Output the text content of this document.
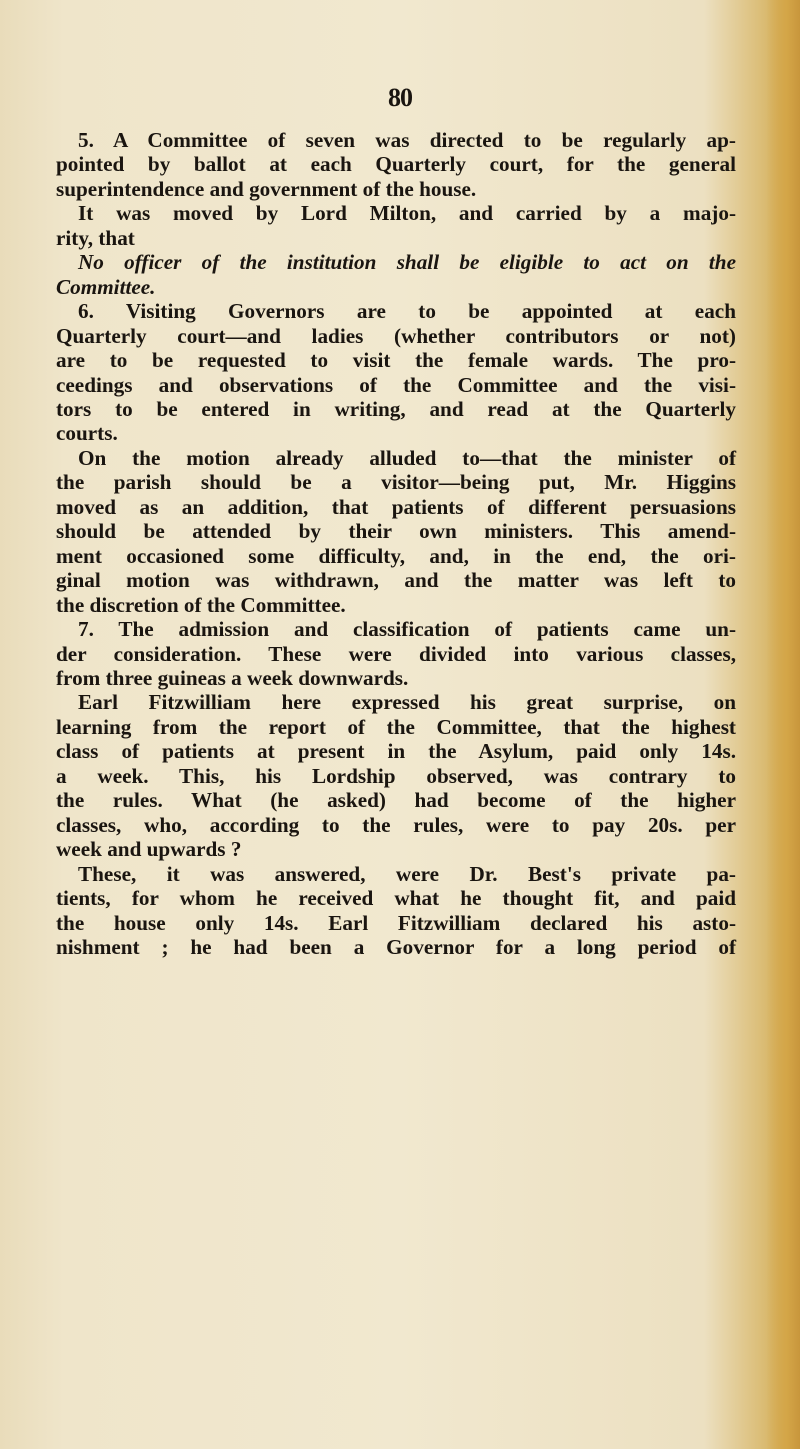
80
5. A Committee of seven was directed to be regularly ap-
pointed by ballot at each Quarterly court, for the general
superintendence and government of the house.
It was moved by Lord Milton, and carried by a majo-
rity, that
No officer of the institution shall be eligible to act on the
Committee.
6. Visiting Governors are to be appointed at each
Quarterly court—and ladies (whether contributors or not)
are to be requested to visit the female wards. The pro-
ceedings and observations of the Committee and the visi-
tors to be entered in writing, and read at the Quarterly
courts.
On the motion already alluded to—that the minister of
the parish should be a visitor—being put, Mr. Higgins
moved as an addition, that patients of different persuasions
should be attended by their own ministers. This amend-
ment occasioned some difficulty, and, in the end, the ori-
ginal motion was withdrawn, and the matter was left to
the discretion of the Committee.
7. The admission and classification of patients came un-
der consideration. These were divided into various classes,
from three guineas a week downwards.
Earl Fitzwilliam here expressed his great surprise, on
learning from the report of the Committee, that the highest
class of patients at present in the Asylum, paid only 14s.
a week. This, his Lordship observed, was contrary to
the rules. What (he asked) had become of the higher
classes, who, according to the rules, were to pay 20s. per
week and upwards ?
These, it was answered, were Dr. Best's private pa-
tients, for whom he received what he thought fit, and paid
the house only 14s. Earl Fitzwilliam declared his asto-
nishment ; he had been a Governor for a long period of
